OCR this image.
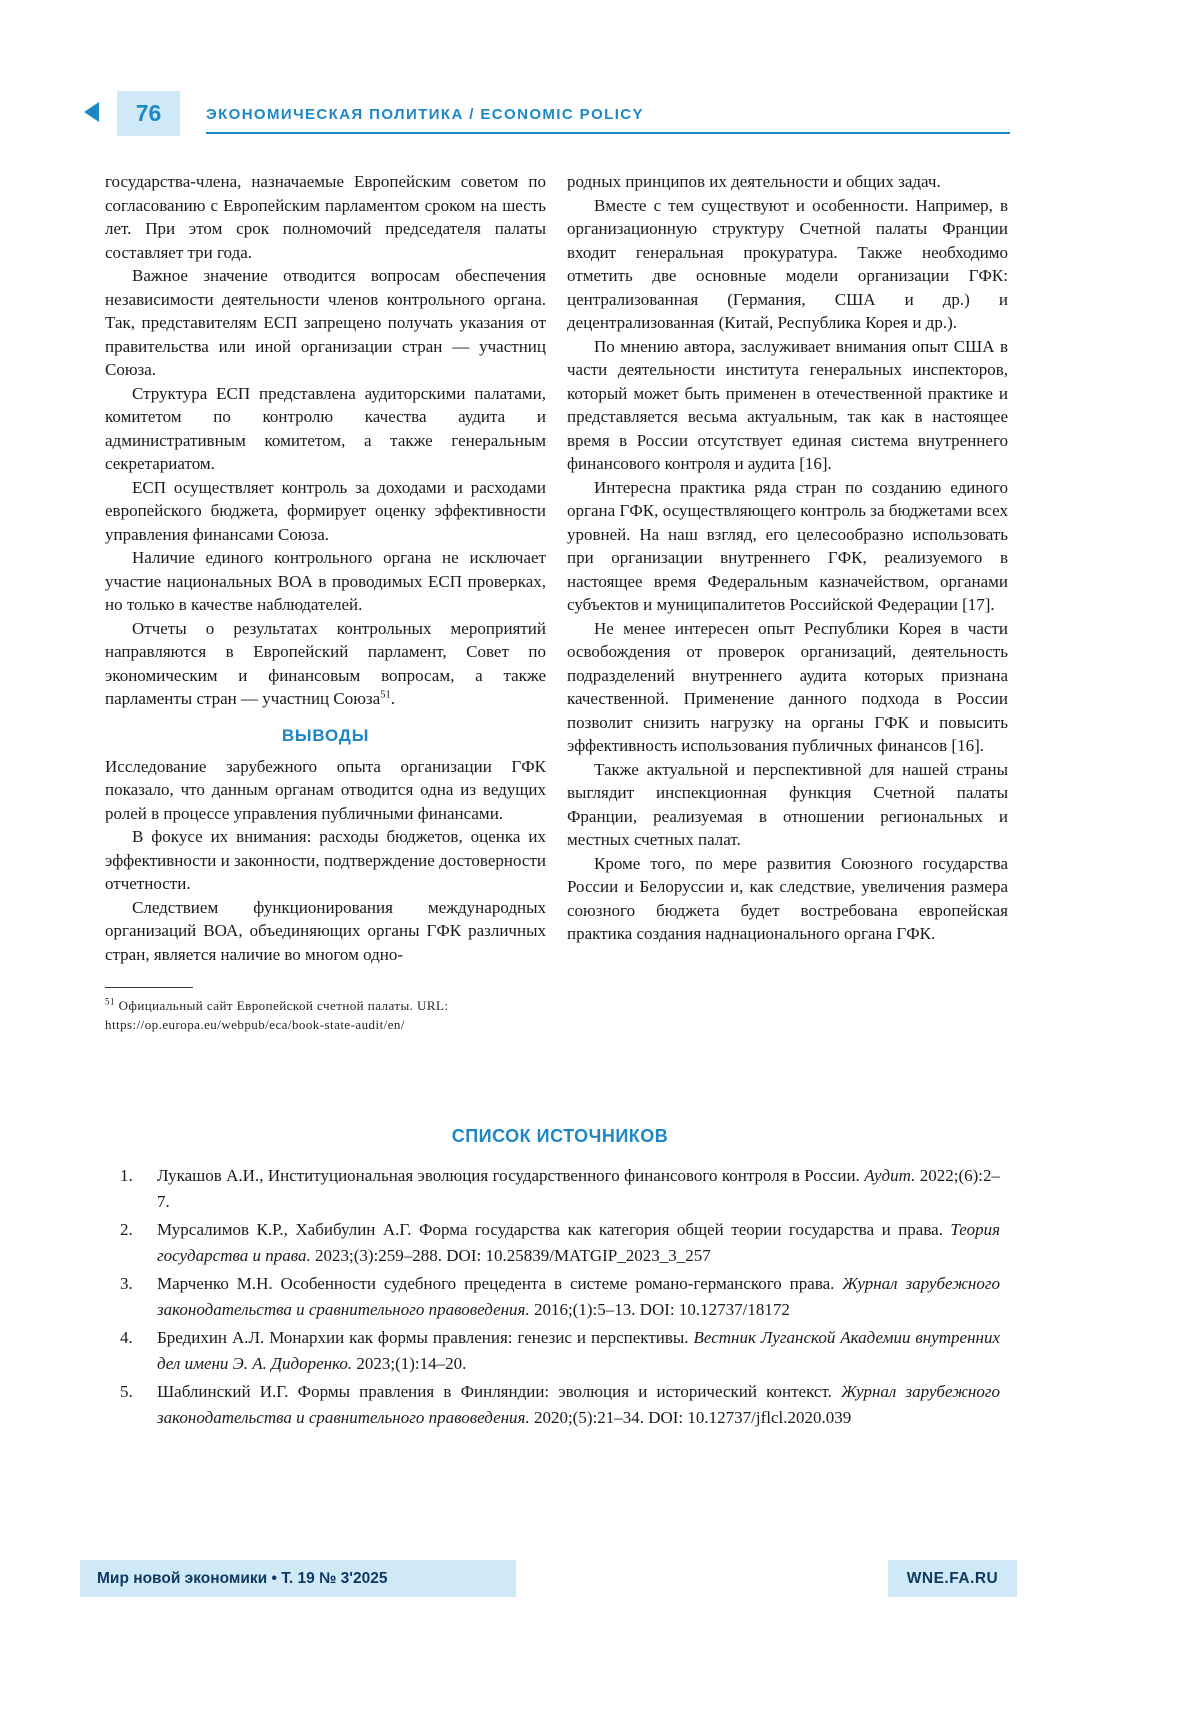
76	ЭКОНОМИЧЕСКАЯ ПОЛИТИКА / ECONOMIC POLICY

государства-члена, назначаемые Европейским советом по согласованию с Европейским парламентом сроком на шесть лет. При этом срок полномочий председателя палаты составляет три года.

Важное значение отводится вопросам обеспечения независимости деятельности членов контрольного органа. Так, представителям ЕСП запрещено получать указания от правительства или иной организации стран — участниц Союза.

Структура ЕСП представлена аудиторскими палатами, комитетом по контролю качества аудита и административным комитетом, а также генеральным секретариатом.

ЕСП осуществляет контроль за доходами и расходами европейского бюджета, формирует оценку эффективности управления финансами Союза.

Наличие единого контрольного органа не исключает участие национальных ВОА в проводимых ЕСП проверках, но только в качестве наблюдателей.

Отчеты о результатах контрольных мероприятий направляются в Европейский парламент, Совет по экономическим и финансовым вопросам, а также парламенты стран — участниц Союза$^{51}$.

ВЫВОДЫ

Исследование зарубежного опыта организации ГФК показало, что данным органам отводится одна из ведущих ролей в процессе управления публичными финансами.

В фокусе их внимания: расходы бюджетов, оценка их эффективности и законности, подтверждение достоверности отчетности.

Следствием функционирования международных организаций ВОА, объединяющих органы ГФК различных стран, является наличие во многом одно-

$^{51}$ Официальный сайт Европейской счетной палаты. URL: https://op.europa.eu/webpub/eca/book-state-audit/en/

родных принципов их деятельности и общих задач.

Вместе с тем существуют и особенности. Например, в организационную структуру Счетной палаты Франции входит генеральная прокуратура. Также необходимо отметить две основные модели организации ГФК: централизованная (Германия, США и др.) и децентрализованная (Китай, Республика Корея и др.).

По мнению автора, заслуживает внимания опыт США в части деятельности института генеральных инспекторов, который может быть применен в отечественной практике и представляется весьма актуальным, так как в настоящее время в России отсутствует единая система внутреннего финансового контроля и аудита [16].

Интересна практика ряда стран по созданию единого органа ГФК, осуществляющего контроль за бюджетами всех уровней. На наш взгляд, его целесообразно использовать при организации внутреннего ГФК, реализуемого в настоящее время Федеральным казначейством, органами субъектов и муниципалитетов Российской Федерации [17].

Не менее интересен опыт Республики Корея в части освобождения от проверок организаций, деятельность подразделений внутреннего аудита которых признана качественной. Применение данного подхода в России позволит снизить нагрузку на органы ГФК и повысить эффективность использования публичных финансов [16].

Также актуальной и перспективной для нашей страны выглядит инспекционная функция Счетной палаты Франции, реализуемая в отношении региональных и местных счетных палат.

Кроме того, по мере развития Союзного государства России и Белоруссии и, как следствие, увеличения размера союзного бюджета будет востребована европейская практика создания наднационального органа ГФК.

СПИСОК ИСТОЧНИКОВ
1.	Лукашов А.И., Институциональная эволюция государственного финансового контроля в России. Аудит. 2022;(6):2–7.
2.	Мурсалимов К.Р., Хабибулин А.Г. Форма государства как категория общей теории государства и права. Теория государства и права. 2023;(3):259–288. DOI: 10.25839/MATGIP_2023_3_257
3.	Марченко М.Н. Особенности судебного прецедента в системе романо-германского права. Журнал зарубежного законодательства и сравнительного правоведения. 2016;(1):5–13. DOI: 10.12737/18172
4.	Бредихин А.Л. Монархии как формы правления: генезис и перспективы. Вестник Луганской Академии внутренних дел имени Э. А. Дидоренко. 2023;(1):14–20.
5.	Шаблинский И.Г. Формы правления в Финляндии: эволюция и исторический контекст. Журнал зарубежного законодательства и сравнительного правоведения. 2020;(5):21–34. DOI: 10.12737/jflcl.2020.039
Мир новой экономики • Т. 19 № 3'2025	WNE.FA.RU
